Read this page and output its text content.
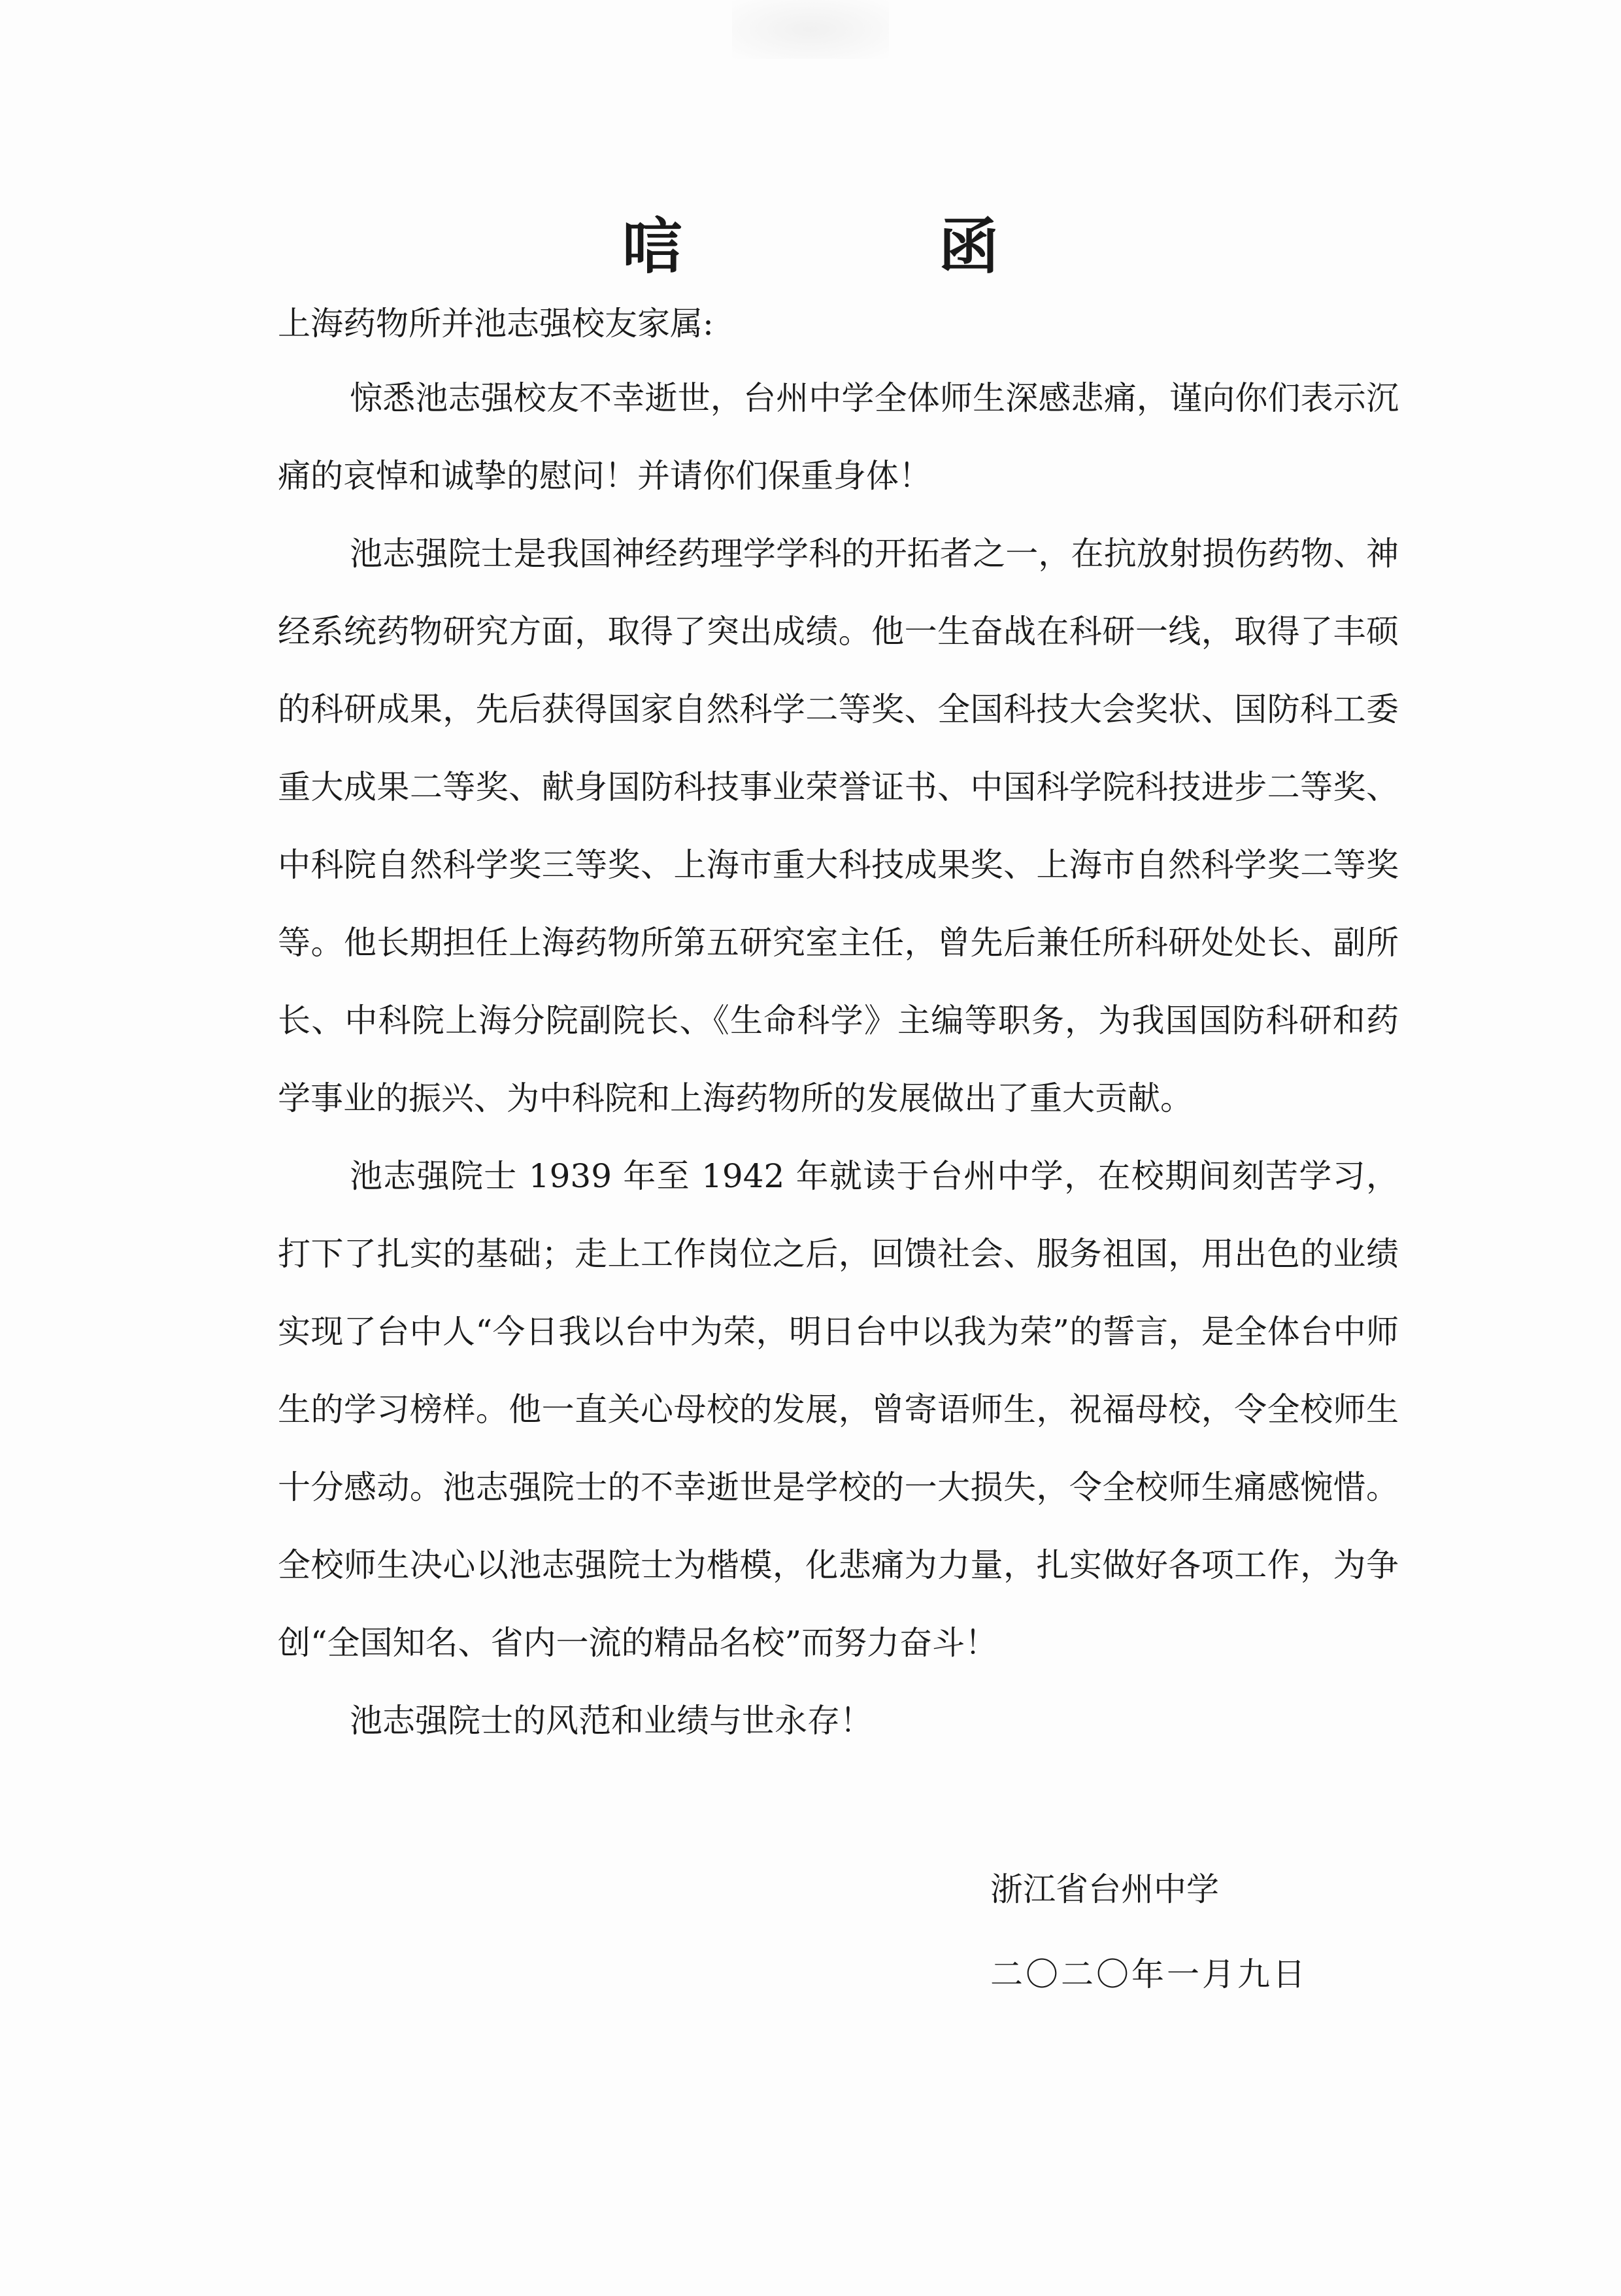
唁 函
上海药物所并池志强校友家属:

惊悉池志强校友不幸逝世，台州中学全体师生深感悲痛，谨向你们表示沉痛的哀悼和诚挚的慰问！并请你们保重身体！

池志强院士是我国神经药理学学科的开拓者之一，在抗放射损伤药物、神经系统药物研究方面，取得了突出成绩。他一生奋战在科研一线，取得了丰硕的科研成果，先后获得国家自然科学二等奖、全国科技大会奖状、国防科工委重大成果二等奖、献身国防科技事业荣誉证书、中国科学院科技进步二等奖、中科院自然科学奖三等奖、上海市重大科技成果奖、上海市自然科学奖二等奖等。他长期担任上海药物所第五研究室主任，曾先后兼任所科研处处长、副所长、中科院上海分院副院长、《生命科学》主编等职务，为我国国防科研和药学事业的振兴、为中科院和上海药物所的发展做出了重大贡献。

池志强院士 1939 年至 1942 年就读于台州中学，在校期间刻苦学习，打下了扎实的基础；走上工作岗位之后，回馈社会、服务祖国，用出色的业绩实现了台中人“今日我以台中为荣，明日台中以我为荣”的誓言，是全体台中师生的学习榜样。他一直关心母校的发展，曾寄语师生，祝福母校，令全校师生十分感动。池志强院士的不幸逝世是学校的一大损失，令全校师生痛感惋惜。全校师生决心以池志强院士为楷模，化悲痛为力量，扎实做好各项工作，为争创“全国知名、省内一流的精品名校”而努力奋斗！

池志强院士的风范和业绩与世永存！

浙江省台州中学
二〇二〇年一月九日
